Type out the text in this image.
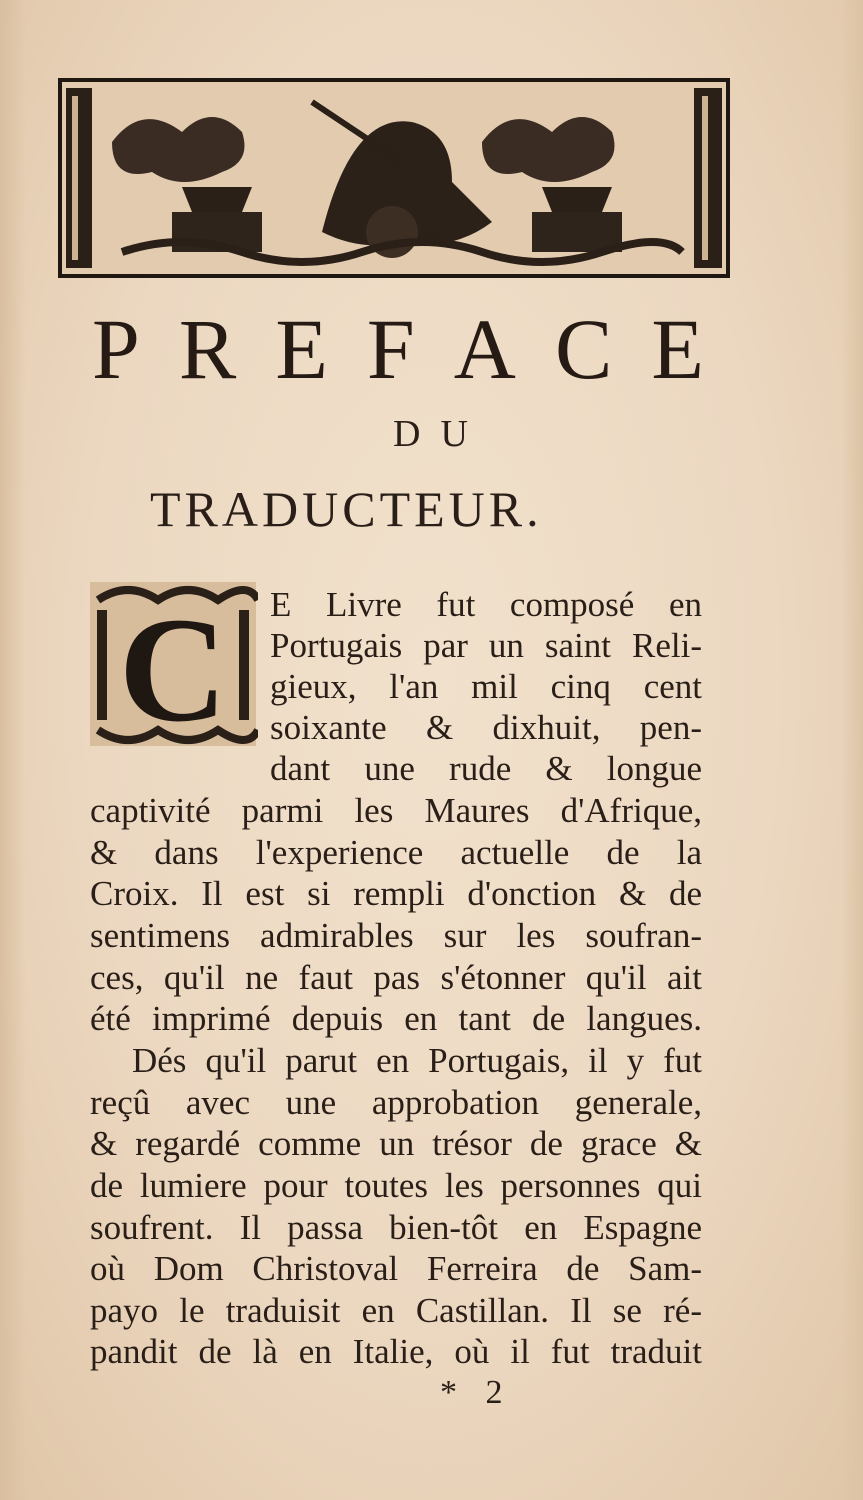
P R E F A C E
DU
TRADUCTEUR.
C E Livre fut composé en
Portugais par un saint Reli-
gieux, l'an mil cinq cent
soixante & dixhuit, pen-
dant une rude & longue
captivité parmi les Maures d'Afrique,
& dans l'experience actuelle de la
Croix. Il est si rempli d'onction & de
sentimens admirables sur les soufran-
ces, qu'il ne faut pas s'étonner qu'il ait
été imprimé depuis en tant de langues.
Dés qu'il parut en Portugais, il y fut
reçû avec une approbation generale,
& regardé comme un trésor de grace &
de lumiere pour toutes les personnes qui
soufrent. Il passa bien-tôt en Espagne
où Dom Christoval Ferreira de Sam-
payo le traduisit en Castillan. Il se ré-
pandit de là en Italie, où il fut traduit
* 2
